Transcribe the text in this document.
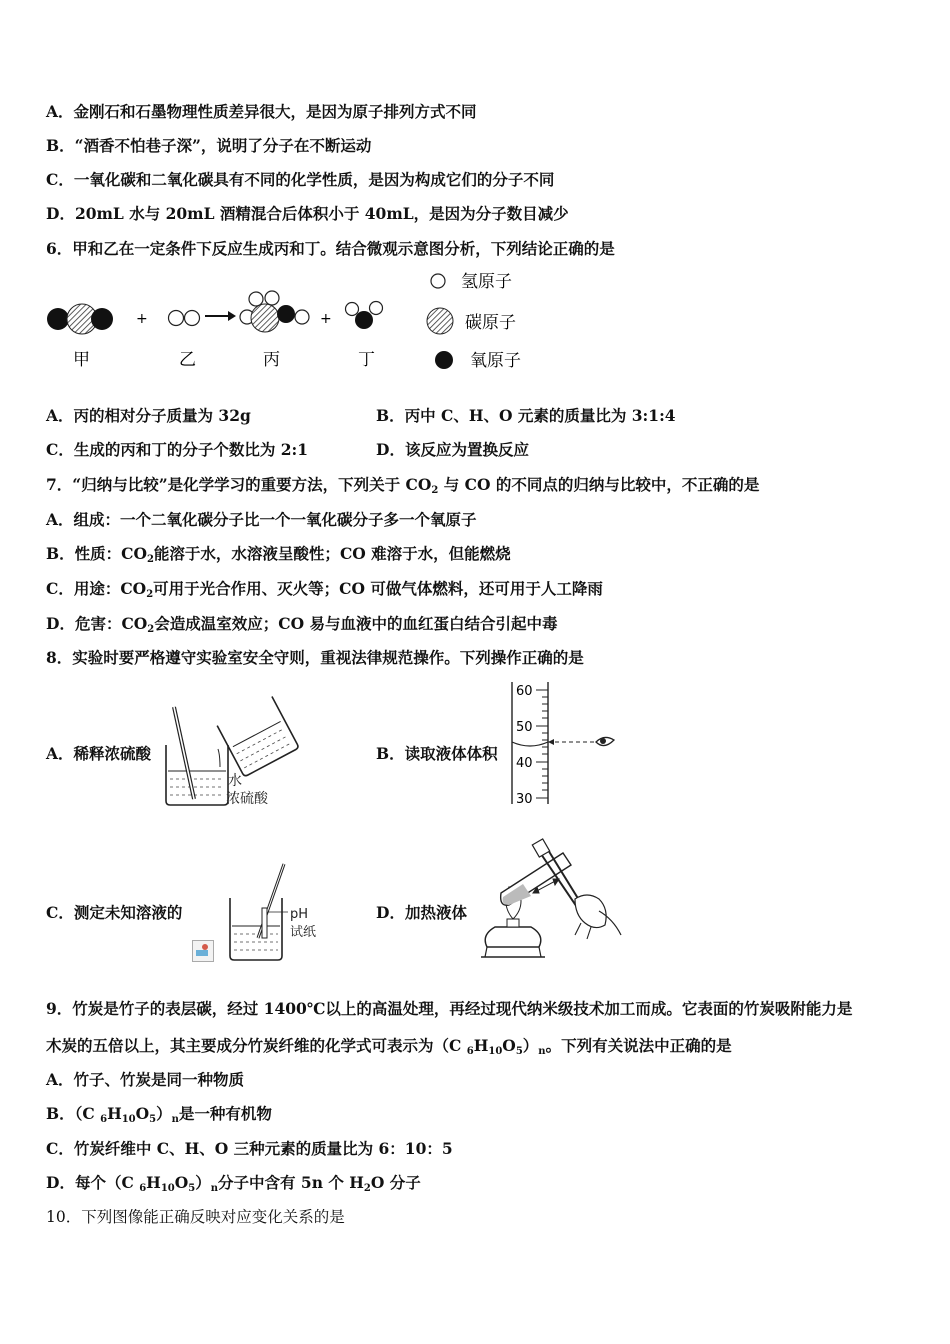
A．金刚石和石墨物理性质差异很大，是因为原子排列方式不同
B．“酒香不怕巷子深”，说明了分子在不断运动
C．一氧化碳和二氧化碳具有不同的化学性质，是因为构成它们的分子不同
D．20mL 水与 20mL 酒精混合后体积小于 40mL，是因为分子数目减少
6．甲和乙在一定条件下反应生成丙和丁。结合微观示意图分析，下列结论正确的是
+	+
甲	乙	丙	丁
氢原子
碳原子
氧原子
A．丙的相对分子质量为 32g	B．丙中 C、H、O 元素的质量比为 3:1:4
C．生成的丙和丁的分子个数比为 2:1	D．该反应为置换反应
7．“归纳与比较”是化学学习的重要方法，下列关于 $CO_2$ 与 CO 的不同点的归纳与比较中，不正确的是
A．组成：一个二氧化碳分子比一个一氧化碳分子多一个氧原子
B．性质：$CO_2$能溶于水，水溶液呈酸性；CO 难溶于水，但能燃烧
C．用途：$CO_2$可用于光合作用、灭火等；CO 可做气体燃料，还可用于人工降雨
D．危害：$CO_2$会造成温室效应；CO 易与血液中的血红蛋白结合引起中毒
8．实验时要严格遵守实验室安全守则，重视法律规范操作。下列操作正确的是
A．稀释浓硫酸
水
浓硫酸
B．读取液体体积
60
50
40
30
C．测定未知溶液的	pH
试纸
D．加热液体
9．竹炭是竹子的表层碳，经过 1400℃以上的高温处理，再经过现代纳米级技术加工而成。它表面的竹炭吸附能力是
木炭的五倍以上，其主要成分竹炭纤维的化学式可表示为（C $_6H_{10}O_5)_n$。下列有关说法中正确的是
A．竹子、竹炭是同一种物质
B．（C $_6H_{10}O_5)_n$是一种有机物
C．竹炭纤维中 C、H、O 三种元素的质量比为 6：10：5
D．每个（C $_6H_{10}O_5)_n$分子中含有 5n 个 $H_2O$ 分子
10．下列图像能正确反映对应变化关系的是
